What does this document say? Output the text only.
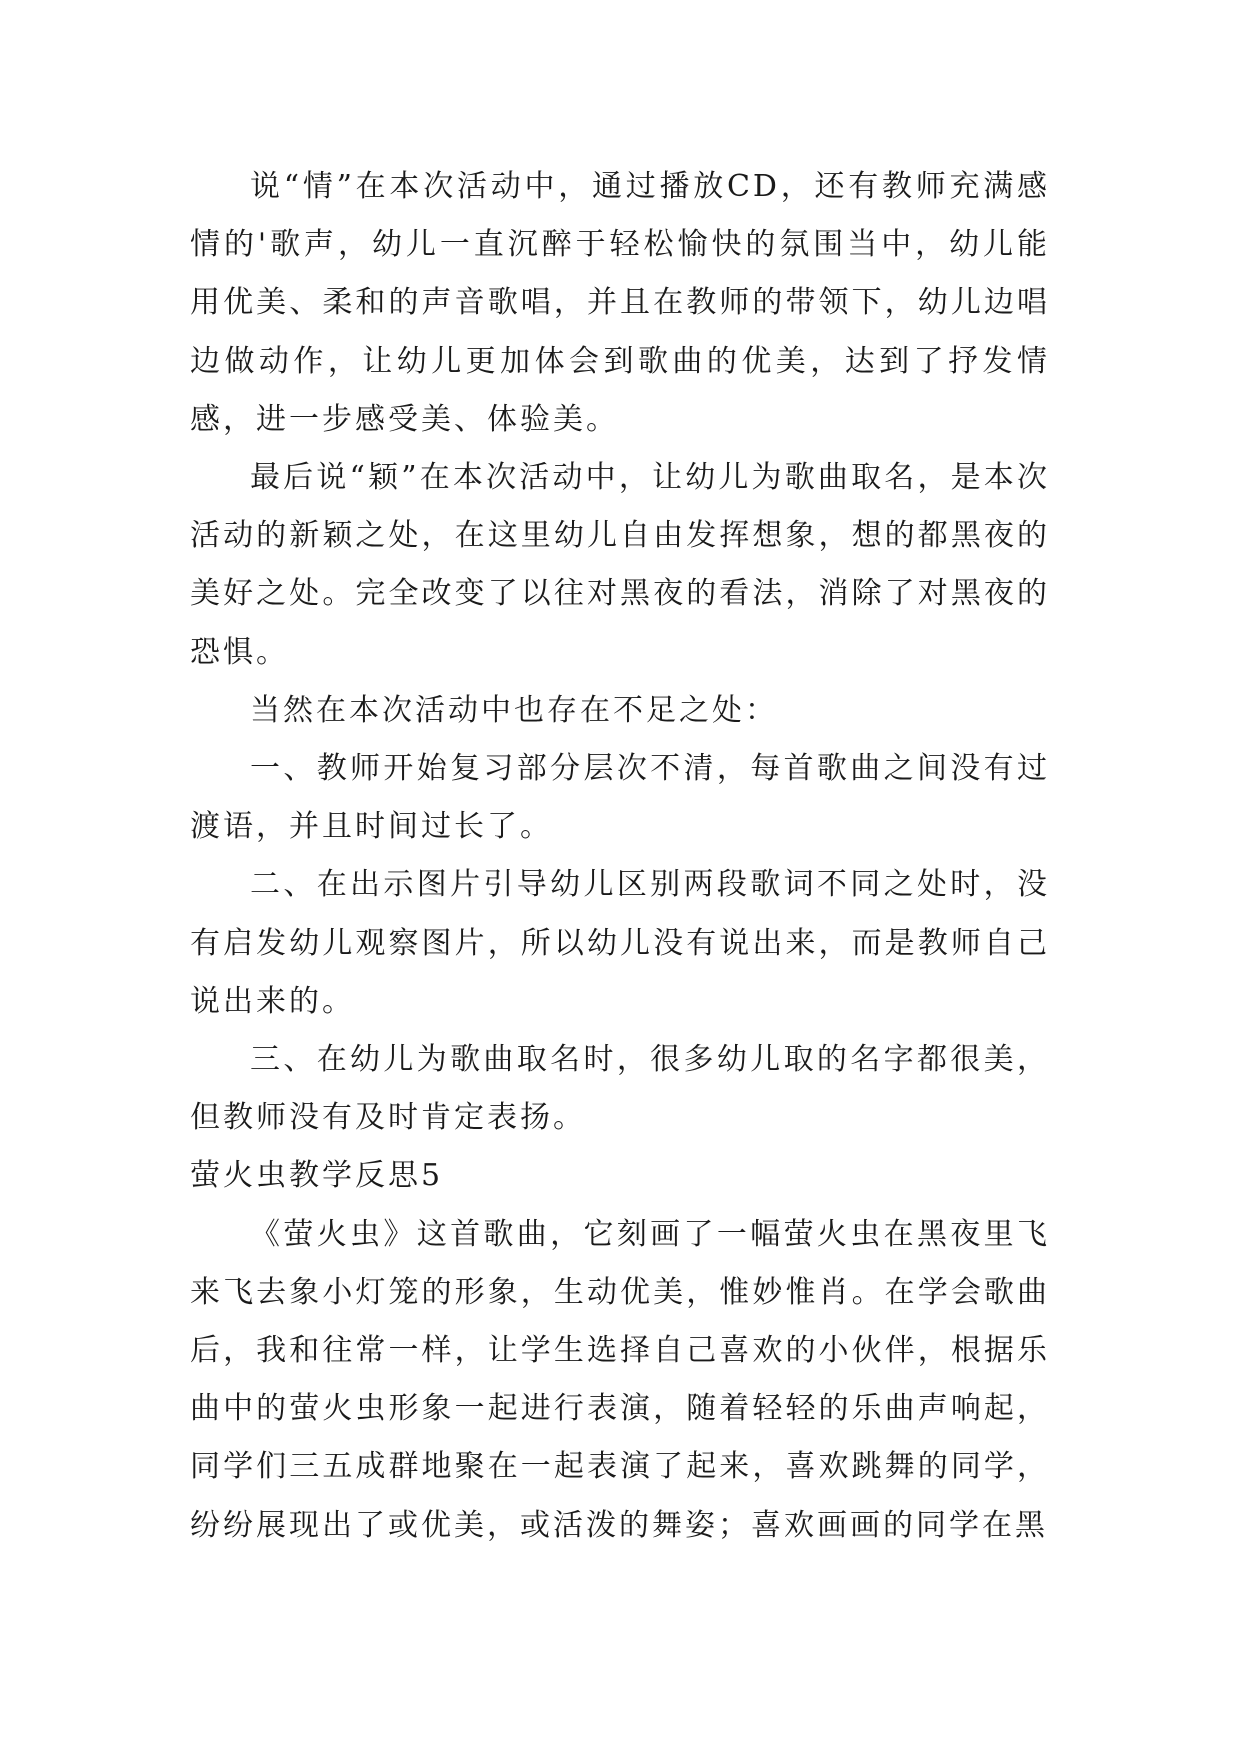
说“情”在本次活动中，通过播放CD，还有教师充满感情的'歌声，幼儿一直沉醉于轻松愉快的氛围当中，幼儿能用优美、柔和的声音歌唱，并且在教师的带领下，幼儿边唱边做动作，让幼儿更加体会到歌曲的优美，达到了抒发情感，进一步感受美、体验美。

最后说“颖”在本次活动中，让幼儿为歌曲取名，是本次活动的新颖之处，在这里幼儿自由发挥想象，想的都黑夜的美好之处。完全改变了以往对黑夜的看法，消除了对黑夜的恐惧。

当然在本次活动中也存在不足之处：

一、教师开始复习部分层次不清，每首歌曲之间没有过渡语，并且时间过长了。

二、在出示图片引导幼儿区别两段歌词不同之处时，没有启发幼儿观察图片，所以幼儿没有说出来，而是教师自己说出来的。

三、在幼儿为歌曲取名时，很多幼儿取的名字都很美，但教师没有及时肯定表扬。

萤火虫教学反思5

《萤火虫》这首歌曲，它刻画了一幅萤火虫在黑夜里飞来飞去象小灯笼的形象，生动优美，惟妙惟肖。在学会歌曲后，我和往常一样，让学生选择自己喜欢的小伙伴，根据乐曲中的萤火虫形象一起进行表演，随着轻轻的乐曲声响起，同学们三五成群地聚在一起表演了起来，喜欢跳舞的同学，纷纷展现出了或优美，或活泼的舞姿；喜欢画画的同学在黑
